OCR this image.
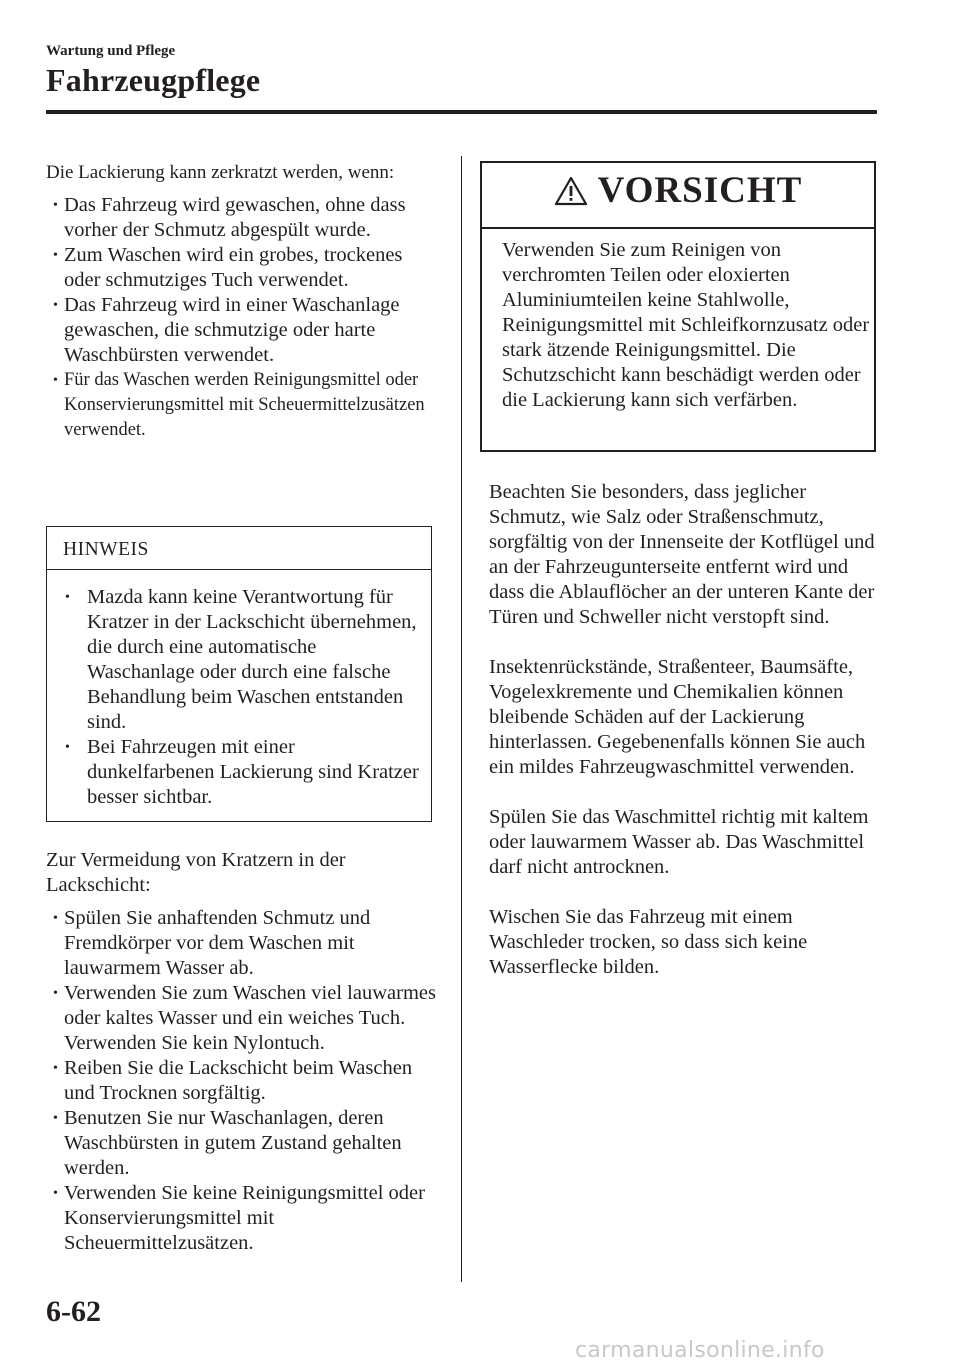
Wartung und Pflege
Fahrzeugpflege

Die Lackierung kann zerkratzt werden, wenn:

• Das Fahrzeug wird gewaschen, ohne dass vorher der Schmutz abgespült wurde.
• Zum Waschen wird ein grobes, trockenes oder schmutziges Tuch verwendet.
• Das Fahrzeug wird in einer Waschanlage gewaschen, die schmutzige oder harte Waschbürsten verwendet.
• Für das Waschen werden Reinigungsmittel oder Konservierungsmittel mit Scheuermittelzusätzen verwendet.
HINWEIS
• Mazda kann keine Verantwortung für Kratzer in der Lackschicht übernehmen, die durch eine automatische Waschanlage oder durch eine falsche Behandlung beim Waschen entstanden sind.
• Bei Fahrzeugen mit einer dunkelfarbenen Lackierung sind Kratzer besser sichtbar.

Zur Vermeidung von Kratzern in der Lackschicht:

• Spülen Sie anhaftenden Schmutz und Fremdkörper vor dem Waschen mit lauwarmem Wasser ab.
• Verwenden Sie zum Waschen viel lauwarmes oder kaltes Wasser und ein weiches Tuch. Verwenden Sie kein Nylontuch.
• Reiben Sie die Lackschicht beim Waschen und Trocknen sorgfältig.
• Benutzen Sie nur Waschanlagen, deren Waschbürsten in gutem Zustand gehalten werden.
• Verwenden Sie keine Reinigungsmittel oder Konservierungsmittel mit Scheuermittelzusätzen.
VORSICHT
Verwenden Sie zum Reinigen von verchromten Teilen oder eloxierten Aluminiumteilen keine Stahlwolle, Reinigungsmittel mit Schleifkornzusatz oder stark ätzende Reinigungsmittel. Die Schutzschicht kann beschädigt werden oder die Lackierung kann sich verfärben.

Beachten Sie besonders, dass jeglicher Schmutz, wie Salz oder Straßenschmutz, sorgfältig von der Innenseite der Kotflügel und an der Fahrzeugunterseite entfernt wird und dass die Ablauflöcher an der unteren Kante der Türen und Schweller nicht verstopft sind.

Insektenrückstände, Straßenteer, Baumsäfte, Vogelexkremente und Chemikalien können bleibende Schäden auf der Lackierung hinterlassen. Gegebenenfalls können Sie auch ein mildes Fahrzeugwaschmittel verwenden.

Spülen Sie das Waschmittel richtig mit kaltem oder lauwarmem Wasser ab. Das Waschmittel darf nicht antrocknen.

Wischen Sie das Fahrzeug mit einem Waschleder trocken, so dass sich keine Wasserflecke bilden.

6-62
carmanualsonline.info
